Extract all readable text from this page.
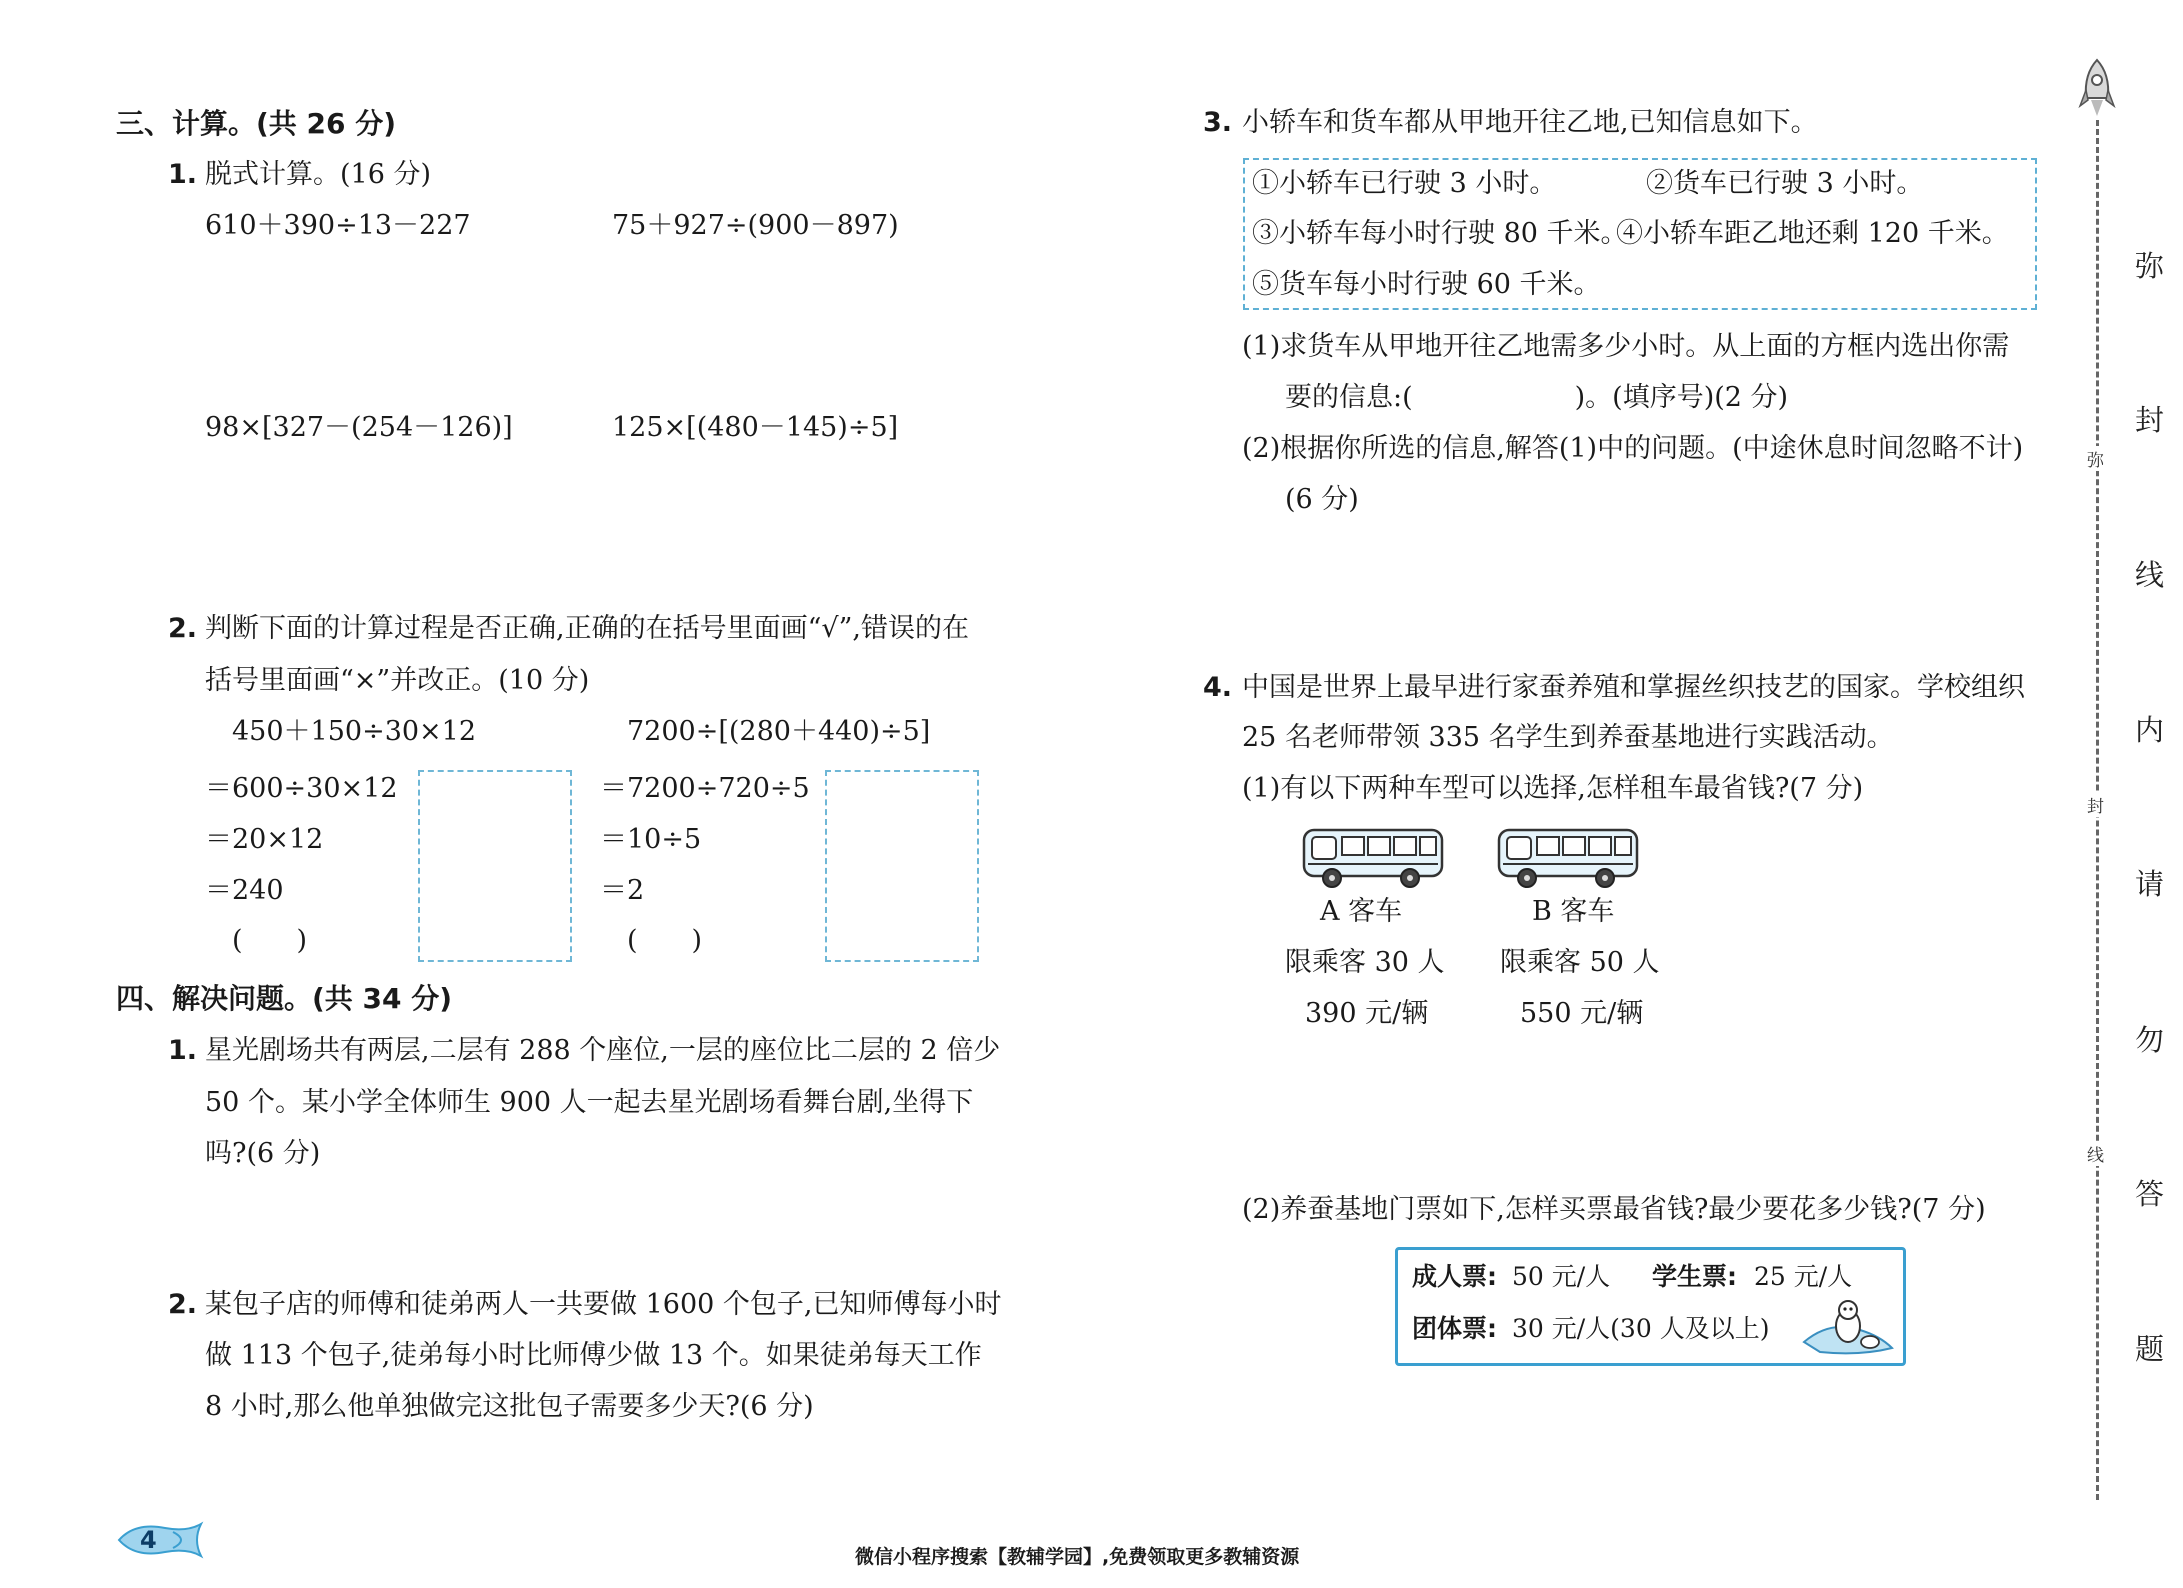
三、计算。(共 26 分)
1. 脱式计算。(16 分)
610＋390÷13－227	75＋927÷(900－897)
98×[327－(254－126)]	125×[(480－145)÷5]
2. 判断下面的计算过程是否正确,正确的在括号里面画“√”,错误的在
括号里面画“×”并改正。(10 分)
450＋150÷30×12
＝600÷30×12
＝20×12
＝240
(　　)
7200÷[(280＋440)÷5]
＝7200÷720÷5
＝10÷5
＝2
(　　)
四、解决问题。(共 34 分)
1. 星光剧场共有两层,二层有 288 个座位,一层的座位比二层的 2 倍少
50 个。某小学全体师生 900 人一起去星光剧场看舞台剧,坐得下
吗?(6 分)
2. 某包子店的师傅和徒弟两人一共要做 1600 个包子,已知师傅每小时
做 113 个包子,徒弟每小时比师傅少做 13 个。如果徒弟每天工作
8 小时,那么他单独做完这批包子需要多少天?(6 分)
3. 小轿车和货车都从甲地开往乙地,已知信息如下。
①小轿车已行驶 3 小时。	②货车已行驶 3 小时。
③小轿车每小时行驶 80 千米。
④小轿车距乙地还剩 120 千米。
⑤货车每小时行驶 60 千米。
(1)求货车从甲地开往乙地需多少小时。从上面的方框内选出你需
要的信息:(　　　　　　)。(填序号)(2 分)
(2)根据你所选的信息,解答(1)中的问题。(中途休息时间忽略不计)
(6 分)
4. 中国是世界上最早进行家蚕养殖和掌握丝织技艺的国家。学校组织
25 名老师带领 335 名学生到养蚕基地进行实践活动。
(1)有以下两种车型可以选择,怎样租车最省钱?(7 分)
A 客车
限乘客 30 人
390 元/辆
B 客车
限乘客 50 人
550 元/辆
(2)养蚕基地门票如下,怎样买票最省钱?最少要花多少钱?(7 分)
成人票: 50 元/人 学生票: 25 元/人
团体票: 30 元/人(30 人及以上)
弥
封
线
内
请
勿
答
题
弥
封
线
4
微信小程序搜索【教辅学园】,免费领取更多教辅资源
